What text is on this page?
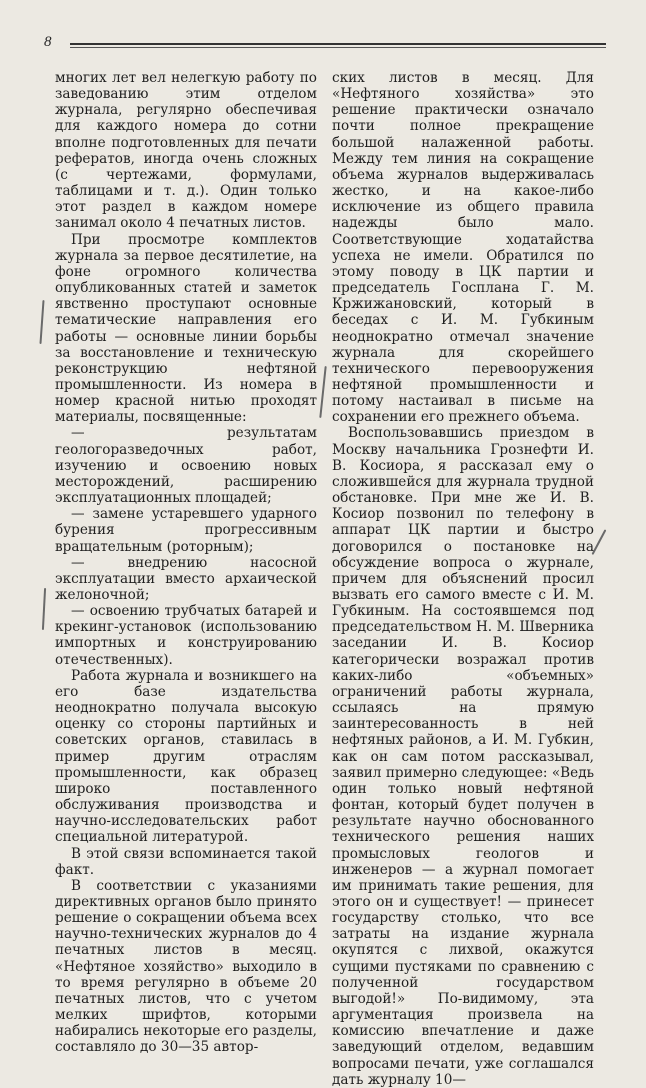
8

многих лет вел нелегкую работу по заведованию этим отделом журнала, регулярно обеспечивая для каждого номера до сотни вполне подготовленных для печати рефератов, иногда очень сложных (с чертежами, формулами, таблицами и т. д.). Один только этот раздел в каждом номере занимал около 4 печатных листов.

При просмотре комплектов журнала за первое десятилетие, на фоне огромного количества опубликованных статей и заметок явственно проступают основные тематические направления его работы — основные линии борьбы за восстановление и техническую реконструкцию нефтяной промышленности. Из номера в номер красной нитью проходят материалы, посвященные:

— результатам геологоразведочных работ, изучению и освоению новых месторождений, расширению эксплуатационных площадей;

— замене устаревшего ударного бурения прогрессивным вращательным (роторным);

— внедрению насосной эксплуатации вместо архаической желоночной;

— освоению трубчатых батарей и крекинг-установок (использованию импортных и конструированию отечественных).

Работа журнала и возникшего на его базе издательства неоднократно получала высокую оценку со стороны партийных и советских органов, ставилась в пример другим отраслям промышленности, как образец широко поставленного обслуживания производства и научно-исследовательских работ специальной литературой.

В этой связи вспоминается такой факт.

В соответствии с указаниями директивных органов было принято решение о сокращении объема всех научно-технических журналов до 4 печатных листов в месяц. «Нефтяное хозяйство» выходило в то время регулярно в объеме 20 печатных листов, что с учетом мелких шрифтов, которыми набирались некоторые его разделы, составляло до 30—35 автор-

ских листов в месяц. Для «Нефтяного хозяйства» это решение практически означало почти полное прекращение большой налаженной работы. Между тем линия на сокращение объема журналов выдерживалась жестко, и на какое-либо исключение из общего правила надежды было мало. Соответствующие ходатайства успеха не имели. Обратился по этому поводу в ЦК партии и председатель Госплана Г. М. Кржижановский, который в беседах с И. М. Губкиным неоднократно отмечал значение журнала для скорейшего технического перевооружения нефтяной промышленности и потому настаивал в письме на сохранении его прежнего объема.

Воспользовавшись приездом в Москву начальника Грознефти И. В. Косиора, я рассказал ему о сложившейся для журнала трудной обстановке. При мне же И. В. Косиор позвонил по телефону в аппарат ЦК партии и быстро договорился о постановке на обсуждение вопроса о журнале, причем для объяснений просил вызвать его самого вместе с И. М. Губкиным. На состоявшемся под председательством Н. М. Шверника заседании И. В. Косиор категорически возражал против каких-либо «объемных» ограничений работы журнала, ссылаясь на прямую заинтересованность в ней нефтяных районов, а И. М. Губкин, как он сам потом рассказывал, заявил примерно следующее: «Ведь один только новый нефтяной фонтан, который будет получен в результате научно обоснованного технического решения наших промысловых геологов и инженеров — а журнал помогает им принимать такие решения, для этого он и существует! — принесет государству столько, что все затраты на издание журнала окупятся с лихвой, окажутся сущими пустяками по сравнению с полученной государством выгодой!» По-видимому, эта аргументация произвела на комиссию впечатление и даже заведующий отделом, ведавшим вопросами печати, уже соглашался дать журналу 10—
